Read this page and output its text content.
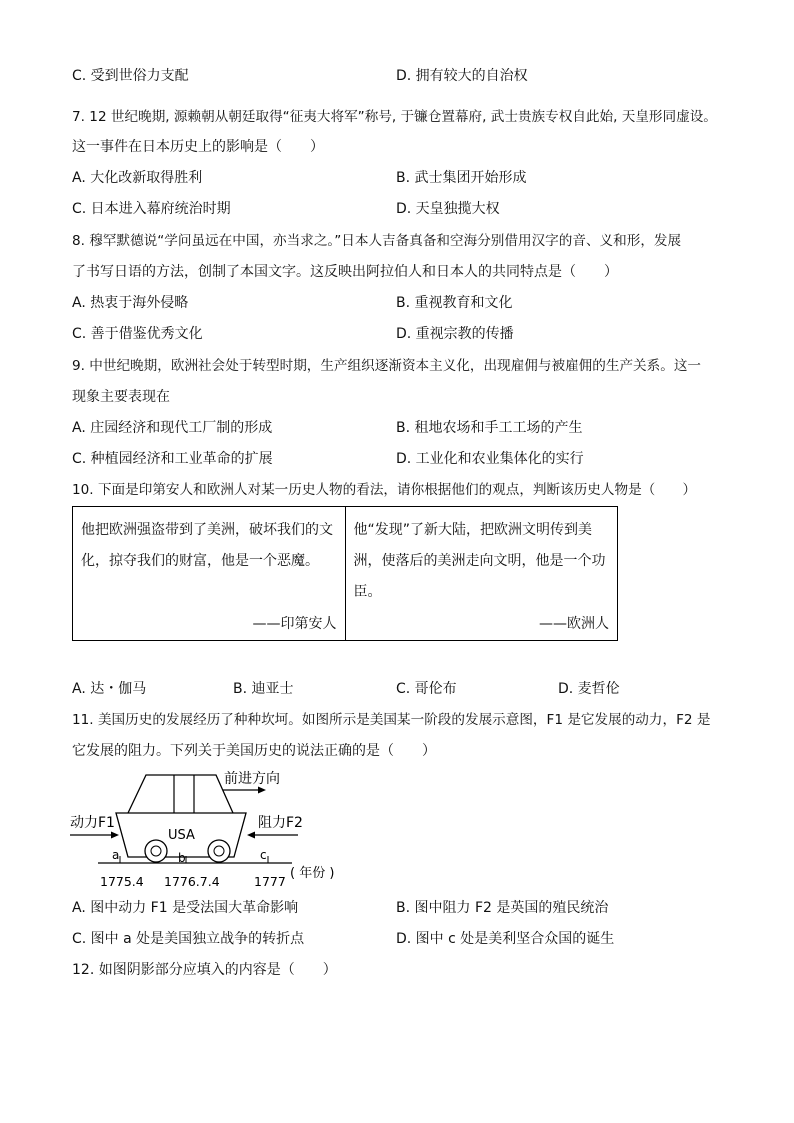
C. 受到世俗力支配	D. 拥有较大的自治权
7. 12 世纪晚期, 源赖朝从朝廷取得“征夷大将军”称号, 于镰仓置幕府, 武士贵族专权自此始, 天皇形同虚设。
这一事件在日本历史上的影响是（　　）
A. 大化改新取得胜利	B. 武士集团开始形成
C. 日本进入幕府统治时期	D. 天皇独揽大权
8. 穆罕默德说“学问虽远在中国，亦当求之。”日本人吉备真备和空海分别借用汉字的音、义和形，发展
了书写日语的方法，创制了本国文字。这反映出阿拉伯人和日本人的共同特点是（　　）
A. 热衷于海外侵略	B. 重视教育和文化
C. 善于借鉴优秀文化	D. 重视宗教的传播
9. 中世纪晚期，欧洲社会处于转型时期，生产组织逐渐资本主义化，出现雇佣与被雇佣的生产关系。这一
现象主要表现在
A. 庄园经济和现代工厂制的形成	B. 租地农场和手工工场的产生
C. 种植园经济和工业革命的扩展	D. 工业化和农业集体化的实行
10. 下面是印第安人和欧洲人对某一历史人物的看法，请你根据他们的观点，判断该历史人物是（　　）
他把欧洲强盗带到了美洲，破坏我们的文化，掠夺我们的财富，他是一个恶魔。
——印第安人

他“发现”了新大陆，把欧洲文明传到美洲，使落后的美洲走向文明，他是一个功臣。
——欧洲人
A. 达・伽马	B. 迪亚士	C. 哥伦布	D. 麦哲伦
11. 美国历史的发展经历了种种坎坷。如图所示是美国某一阶段的发展示意图，F1 是它发展的动力，F2 是
它发展的阻力。下列关于美国历史的说法正确的是（　　）
前进方向
USA
动力F1	阻力F2
a	b	c
1775.4 1776.7.4	1777
( 年份 )
A. 图中动力 F1 是受法国大革命影响	B. 图中阻力 F2 是英国的殖民统治
C. 图中 a 处是美国独立战争的转折点	D. 图中 c 处是美利坚合众国的诞生
12. 如图阴影部分应填入的内容是（　　）
